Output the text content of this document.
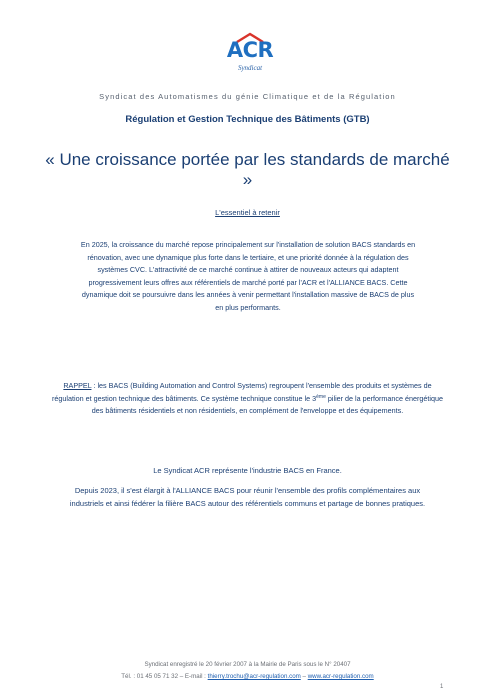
ACR
Syndicat
Syndicat des Automatismes du génie Climatique et de la Régulation
Régulation et Gestion Technique des Bâtiments (GTB)
« Une croissance portée par les standards de marché »
L'essentiel à retenir
En 2025, la croissance du marché repose principalement sur l'installation de solution BACS standards en rénovation, avec une dynamique plus forte dans le tertiaire, et une priorité donnée à la régulation des systèmes CVC. L'attractivité de ce marché continue à attirer de nouveaux acteurs qui adaptent progressivement leurs offres aux référentiels de marché porté par l'ACR et l'ALLIANCE BACS. Cette dynamique doit se poursuivre dans les années à venir permettant l'installation massive de BACS de plus en plus performants.
RAPPEL : les BACS (Building Automation and Control Systems) regroupent l'ensemble des produits et systèmes de régulation et gestion technique des bâtiments. Ce système technique constitue le 3ème pilier de la performance énergétique des bâtiments résidentiels et non résidentiels, en complément de l'enveloppe et des équipements.
Le Syndicat ACR représente l'industrie BACS en France.
Depuis 2023, il s'est élargit à l'ALLIANCE BACS pour réunir l'ensemble des profils complémentaires aux industriels et ainsi fédérer la filière BACS autour des référentiels communs et partage de bonnes pratiques.
Syndicat enregistré le 20 février 2007 à la Mairie de Paris sous le N° 20407
Tél. : 01 45 05 71 32 – E-mail : thierry.trochu@acr-regulation.com – www.acr-regulation.com
1
